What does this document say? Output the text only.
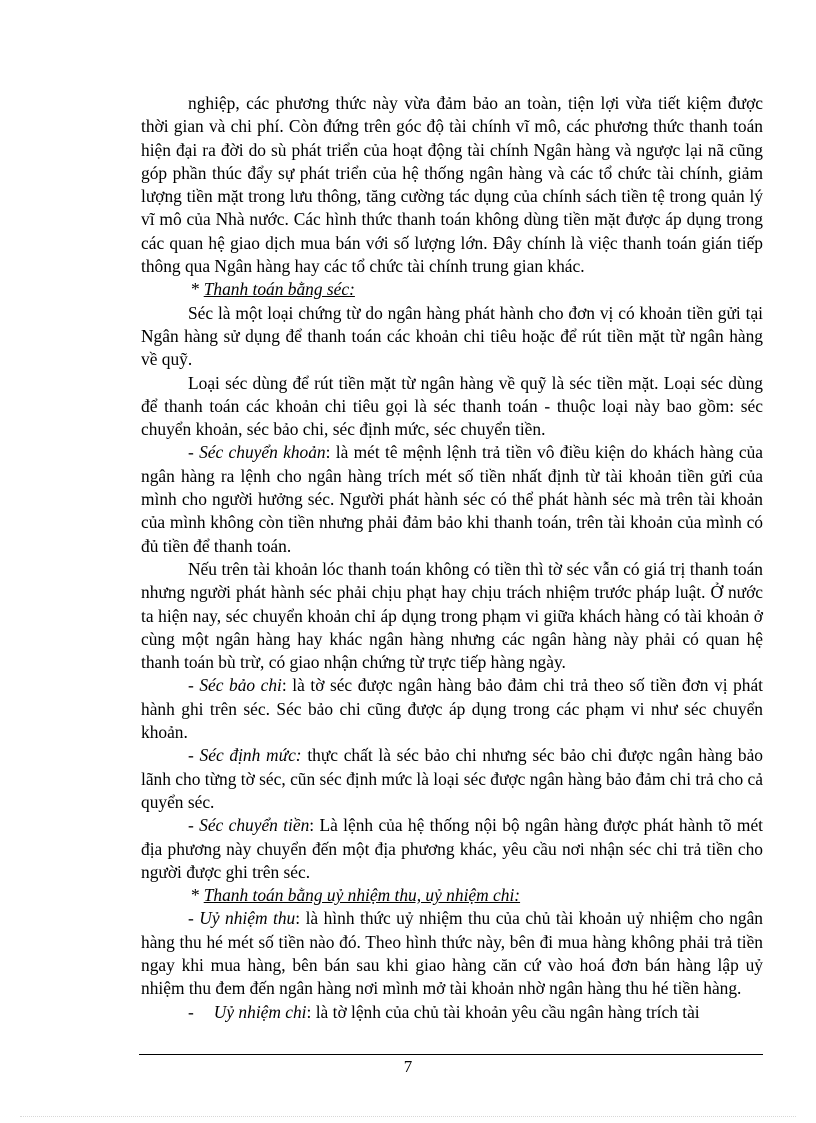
nghiệp, các phương thức này vừa đảm bảo an toàn, tiện lợi vừa tiết kiệm được thời gian và chi phí. Còn đứng trên góc độ tài chính vĩ mô, các phương thức thanh toán hiện đại ra đời do sù phát triển của hoạt động tài chính Ngân hàng và ngược lại nã cũng góp phần thúc đẩy sự phát triển của hệ thống ngân hàng và các tổ chức tài chính, giảm lượng tiền mặt trong lưu thông, tăng cường tác dụng của chính sách tiền tệ trong quản lý vĩ mô của Nhà nước. Các hình thức thanh toán không dùng tiền mặt được áp dụng trong các quan hệ giao dịch mua bán với số lượng lớn. Đây chính là việc thanh toán gián tiếp thông qua Ngân hàng hay các tổ chức tài chính trung gian khác.

* Thanh toán bằng séc:

Séc là một loại chứng từ do ngân hàng phát hành cho đơn vị có khoản tiền gửi tại Ngân hàng sử dụng để thanh toán các khoản chi tiêu hoặc để rút tiền mặt từ ngân hàng về quỹ.

Loại séc dùng để rút tiền mặt từ ngân hàng về quỹ là séc tiền mặt. Loại séc dùng để thanh toán các khoản chi tiêu gọi là séc thanh toán - thuộc loại này bao gồm: séc chuyển khoản, séc bảo chi, séc định mức, séc chuyển tiền.

- Séc chuyển khoản: là mét tê mệnh lệnh trả tiền vô điều kiện do khách hàng của ngân hàng ra lệnh cho ngân hàng trích mét số tiền nhất định từ tài khoản tiền gửi của mình cho người hưởng séc. Người phát hành séc có thể phát hành séc mà trên tài khoản của mình không còn tiền nhưng phải đảm bảo khi thanh toán, trên tài khoản của mình có đủ tiền để thanh toán.

Nếu trên tài khoản lóc thanh toán không có tiền thì tờ séc vẫn có giá trị thanh toán nhưng người phát hành séc phải chịu phạt hay chịu trách nhiệm trước pháp luật. Ở nước ta hiện nay, séc chuyển khoản chỉ áp dụng trong phạm vi giữa khách hàng có tài khoản ở cùng một ngân hàng hay khác ngân hàng nhưng các ngân hàng này phải có quan hệ thanh toán bù trừ, có giao nhận chứng từ trực tiếp hàng ngày.

- Séc bảo chi: là tờ séc được ngân hàng bảo đảm chi trả theo số tiền đơn vị phát hành ghi trên séc. Séc bảo chi cũng được áp dụng trong các phạm vi như séc chuyển khoản.

- Séc định mức: thực chất là séc bảo chi nhưng séc bảo chi được ngân hàng bảo lãnh cho từng tờ séc, cũn séc định mức là loại séc được ngân hàng bảo đảm chi trả cho cả quyển séc.

- Séc chuyển tiền: Là lệnh của hệ thống nội bộ ngân hàng được phát hành tõ mét địa phương này chuyển đến một địa phương khác, yêu cầu nơi nhận séc chi trả tiền cho người được ghi trên séc.

* Thanh toán bằng uỷ nhiệm thu, uỷ nhiệm chi:

- Uỷ nhiệm thu: là hình thức uỷ nhiệm thu của chủ tài khoản uỷ nhiệm cho ngân hàng thu hé mét số tiền nào đó. Theo hình thức này, bên đi mua hàng không phải trả tiền ngay khi mua hàng, bên bán sau khi giao hàng căn cứ vào hoá đơn bán hàng lập uỷ nhiệm thu đem đến ngân hàng nơi mình mở tài khoản nhờ ngân hàng thu hé tiền hàng.

- Uỷ nhiệm chi: là tờ lệnh của chủ tài khoản yêu cầu ngân hàng trích tài

7
